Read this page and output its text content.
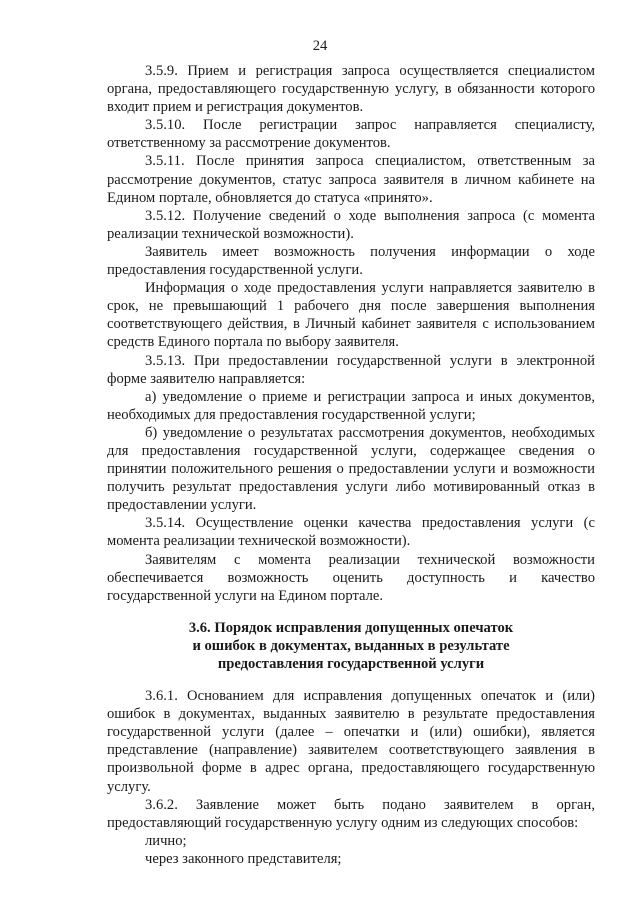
24

3.5.9. Прием и регистрация запроса осуществляется специалистом органа, предоставляющего государственную услугу, в обязанности которого входит прием и регистрация документов.

3.5.10. После регистрации запрос направляется специалисту, ответственному за рассмотрение документов.

3.5.11. После принятия запроса специалистом, ответственным за рассмотрение документов, статус запроса заявителя в личном кабинете на Едином портале, обновляется до статуса «принято».

3.5.12. Получение сведений о ходе выполнения запроса (с момента реализации технической возможности).

Заявитель имеет возможность получения информации о ходе предоставления государственной услуги.

Информация о ходе предоставления услуги направляется заявителю в срок, не превышающий 1 рабочего дня после завершения выполнения соответствующего действия, в Личный кабинет заявителя с использованием средств Единого портала по выбору заявителя.

3.5.13. При предоставлении государственной услуги в электронной форме заявителю направляется:

а) уведомление о приеме и регистрации запроса и иных документов, необходимых для предоставления государственной услуги;

б) уведомление о результатах рассмотрения документов, необходимых для предоставления государственной услуги, содержащее сведения о принятии положительного решения о предоставлении услуги и возможности получить результат предоставления услуги либо мотивированный отказ в предоставлении услуги.

3.5.14. Осуществление оценки качества предоставления услуги (с момента реализации технической возможности).

Заявителям с момента реализации технической возможности обеспечивается возможность оценить доступность и качество государственной услуги на Едином портале.

3.6. Порядок исправления допущенных опечаток
и ошибок в документах, выданных в результате
предоставления государственной услуги

3.6.1. Основанием для исправления допущенных опечаток и (или) ошибок в документах, выданных заявителю в результате предоставления государственной услуги (далее – опечатки и (или) ошибки), является представление (направление) заявителем соответствующего заявления в произвольной форме в адрес органа, предоставляющего государственную услугу.

3.6.2. Заявление может быть подано заявителем в орган, предоставляющий государственную услугу одним из следующих способов:

лично;

через законного представителя;
